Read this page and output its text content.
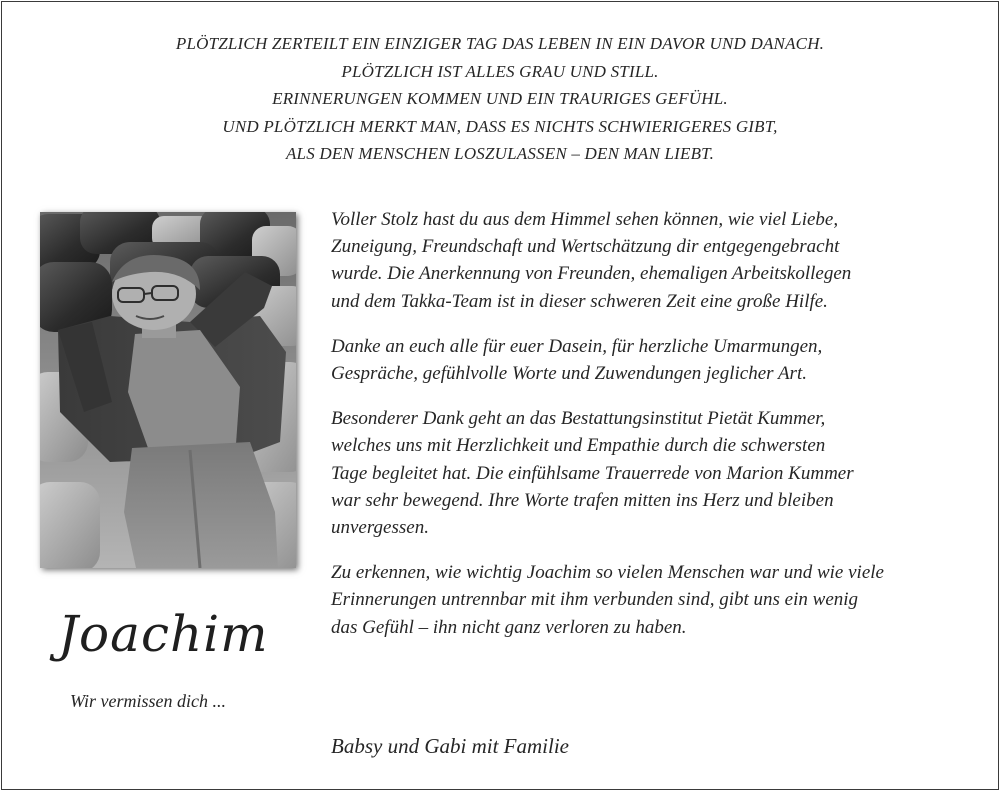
PLÖTZLICH ZERTEILT EIN EINZIGER TAG DAS LEBEN IN EIN DAVOR UND DANACH.
PLÖTZLICH IST ALLES GRAU UND STILL.
ERINNERUNGEN KOMMEN UND EIN TRAURIGES GEFÜHL.
UND PLÖTZLICH MERKT MAN, DASS ES NICHTS SCHWIERIGERES GIBT,
ALS DEN MENSCHEN LOSZULASSEN – DEN MAN LIEBT.

Voller Stolz hast du aus dem Himmel sehen können, wie viel Liebe,
Zuneigung, Freundschaft und Wertschätzung dir entgegengebracht
wurde. Die Anerkennung von Freunden, ehemaligen Arbeitskollegen
und dem Takka-Team ist in dieser schweren Zeit eine große Hilfe.

Danke an euch alle für euer Dasein, für herzliche Umarmungen,
Gespräche, gefühlvolle Worte und Zuwendungen jeglicher Art.

Besonderer Dank geht an das Bestattungsinstitut Pietät Kummer,
welches uns mit Herzlichkeit und Empathie durch die schwersten
Tage begleitet hat. Die einfühlsame Trauerrede von Marion Kummer
war sehr bewegend. Ihre Worte trafen mitten ins Herz und bleiben
unvergessen.

Zu erkennen, wie wichtig Joachim so vielen Menschen war und wie viele
Erinnerungen untrennbar mit ihm verbunden sind, gibt uns ein wenig
das Gefühl – ihn nicht ganz verloren zu haben.

Joachim
Wir vermissen dich ...
Babsy und Gabi mit Familie
